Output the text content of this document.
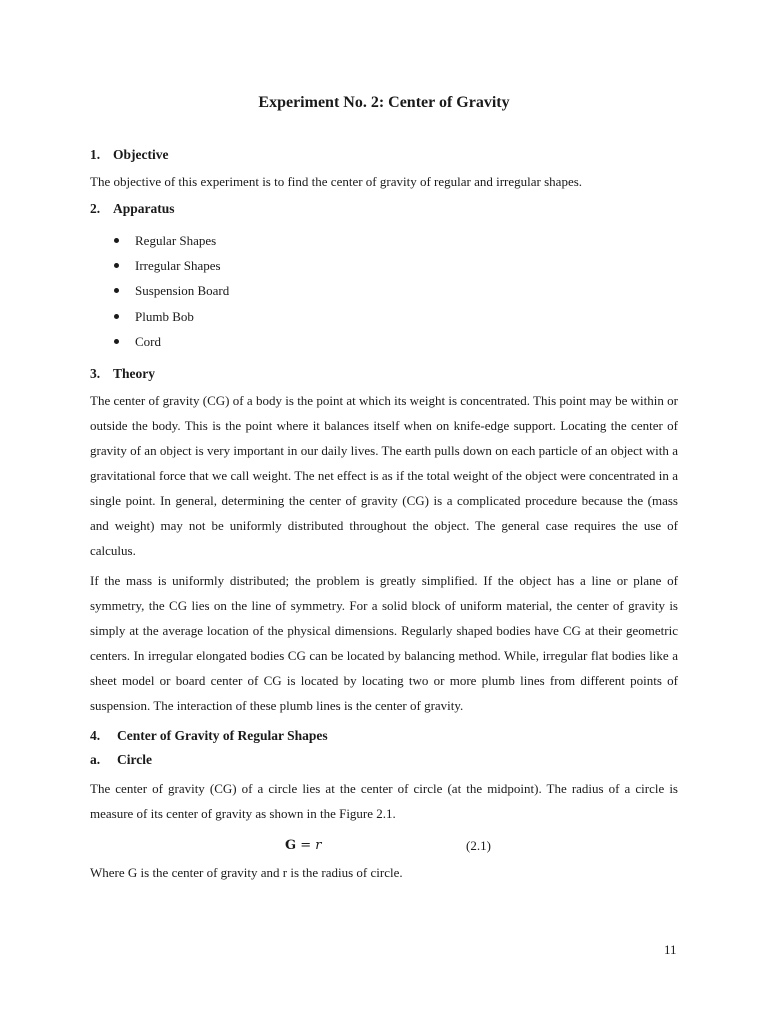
Experiment No. 2: Center of Gravity
1. Objective
The objective of this experiment is to find the center of gravity of regular and irregular shapes.
2. Apparatus
Regular Shapes
Irregular Shapes
Suspension Board
Plumb Bob
Cord
3. Theory
The center of gravity (CG) of a body is the point at which its weight is concentrated. This point may be within or outside the body. This is the point where it balances itself when on knife-edge support. Locating the center of gravity of an object is very important in our daily lives. The earth pulls down on each particle of an object with a gravitational force that we call weight. The net effect is as if the total weight of the object were concentrated in a single point. In general, determining the center of gravity (CG) is a complicated procedure because the (mass and weight) may not be uniformly distributed throughout the object. The general case requires the use of calculus.
If the mass is uniformly distributed; the problem is greatly simplified. If the object has a line or plane of symmetry, the CG lies on the line of symmetry. For a solid block of uniform material, the center of gravity is simply at the average location of the physical dimensions. Regularly shaped bodies have CG at their geometric centers. In irregular elongated bodies CG can be located by balancing method. While, irregular flat bodies like a sheet model or board center of CG is located by locating two or more plumb lines from different points of suspension. The interaction of these plumb lines is the center of gravity.
4. Center of Gravity of Regular Shapes
a. Circle
The center of gravity (CG) of a circle lies at the center of circle (at the midpoint). The radius of a circle is measure of its center of gravity as shown in the Figure 2.1.
G = r	(2.1)
Where G is the center of gravity and r is the radius of circle.
11
